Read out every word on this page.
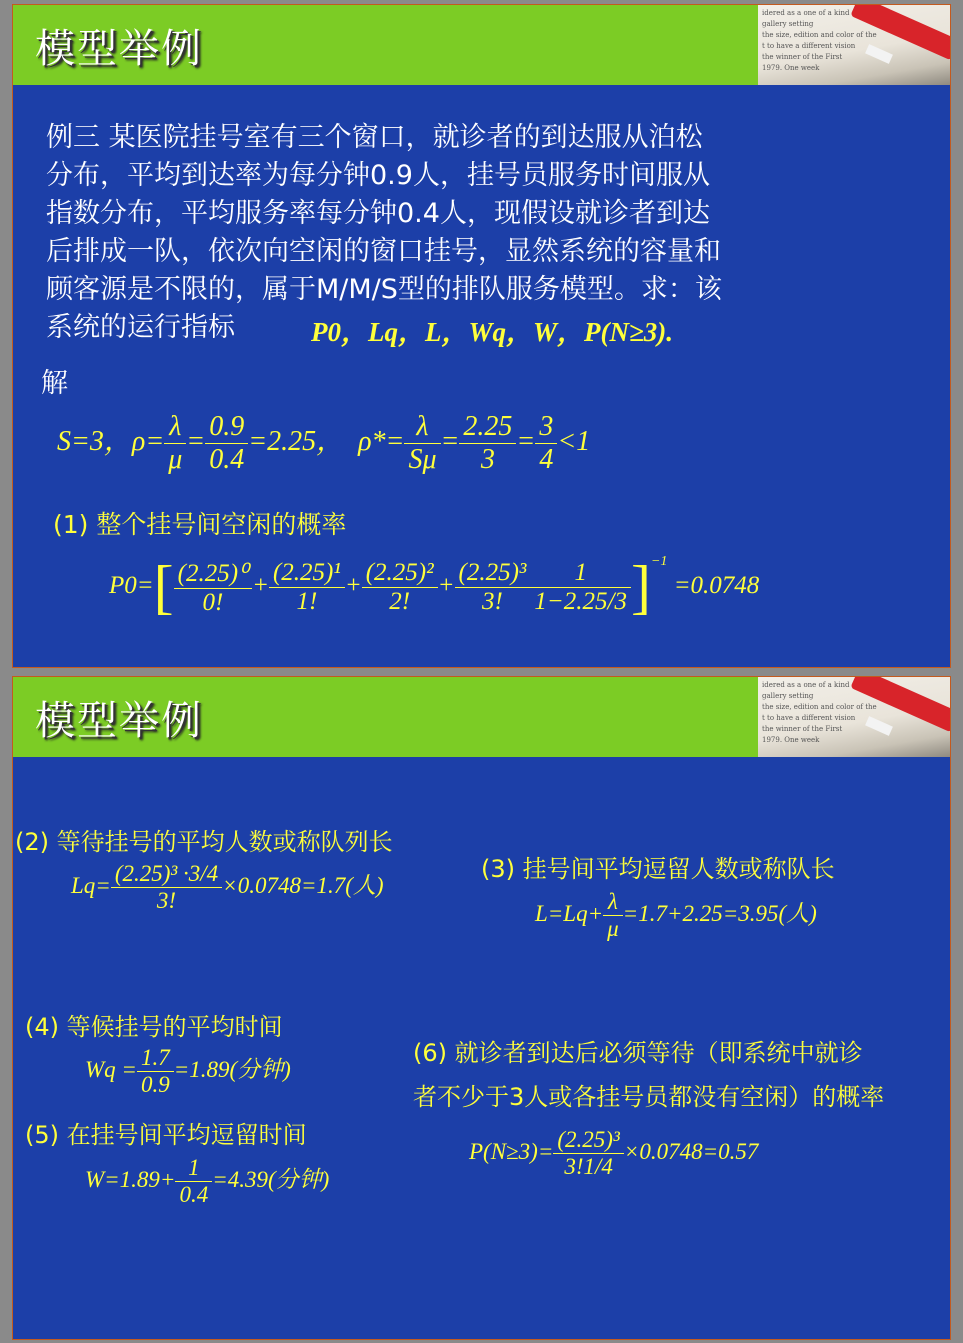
模型举例
idered as a one of a kind
gallery setting
the size, edition and color of the
t to have a different vision
the winner of the First
1979. One week
例三 某医院挂号室有三个窗口，就诊者的到达服从泊松
分布，平均到达率为每分钟0.9人，挂号员服务时间服从
指数分布，平均服务率每分钟0.4人，现假设就诊者到达
后排成一队，依次向空闲的窗口挂号，显然系统的容量和
顾客源是不限的，属于M/M/S型的排队服务模型。求：该
系统的运行指标	P0，Lq，L，Wq，W，P(N≥3).
解
S=3，$\rho= \frac{\lambda}{\mu} = \frac{0.9}{0.4} =2.25$， $\rho*= \frac{\lambda}{S\mu} = \frac{2.25}{3} = \frac{3}{4} <1$
(1) 整个挂号间空闲的概率
$P0=[ \frac{\text{(2.25)⁰}}{0!} + \frac{\text{(2.25)¹}}{1!} + \frac{\text{(2.25)²}}{2!} + \frac{\text{(2.25)³}}{3!} \frac{1}{1-2.25/3} ]^{-1} =0.0748$
模型举例
idered as a one of a kind
gallery setting
the size, edition and color of the
t to have a different vision
the winner of the First
1979. One week
(2) 等待挂号的平均人数或称队列长
$Lq= \frac{\text{(2.25)³ ·3/4}}{3!} \times 0.0748=1.7$(人)
(3) 挂号间平均逗留人数或称队长
$L=Lq+ \frac{\lambda}{\mu} =1.7+2.25=3.95$(人)
(4) 等候挂号的平均时间
$Wq = \frac{1.7}{0.9} =1.89$(分钟)
(5) 在挂号间平均逗留时间
$W=1.89+ \frac{1}{0.4} =4.39$(分钟)
(6) 就诊者到达后必须等待（即系统中就诊
者不少于3人或各挂号员都没有空闲）的概率
$P(N\ge 3)= \frac{\text{(2.25)³}}{3!1/4} \times 0.0748=0.57$
